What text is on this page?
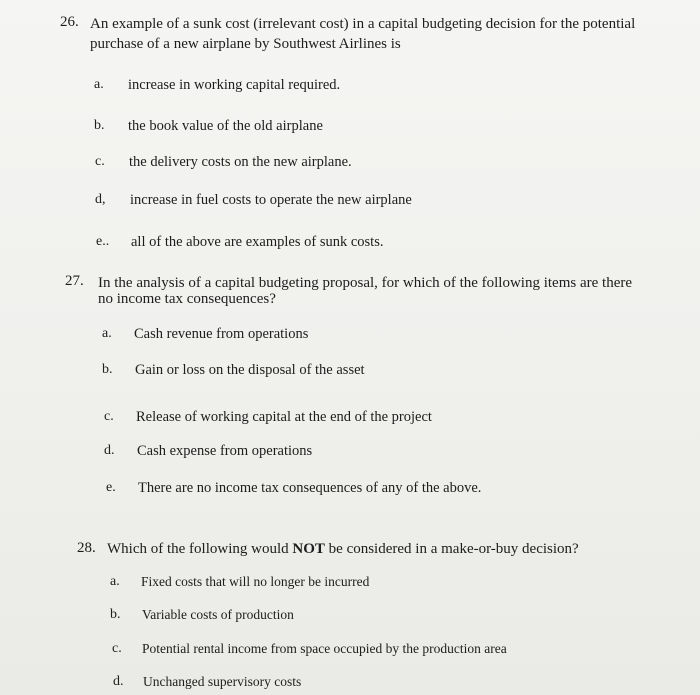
26. An example of a sunk cost (irrelevant cost) in a capital budgeting decision for the potential
purchase of a new airplane by Southwest Airlines is
a. increase in working capital required.
b. the book value of the old airplane
c. the delivery costs on the new airplane.
d, increase in fuel costs to operate the new airplane
e.. all of the above are examples of sunk costs.
27. In the analysis of a capital budgeting proposal, for which of the following items are there
no income tax consequences?
a. Cash revenue from operations
b. Gain or loss on the disposal of the asset
c. Release of working capital at the end of the project
d. Cash expense from operations
e. There are no income tax consequences of any of the above.
28. Which of the following would NOT be considered in a make-or-buy decision?
a. Fixed costs that will no longer be incurred
b. Variable costs of production
c. Potential rental income from space occupied by the production area
d. Unchanged supervisory costs
